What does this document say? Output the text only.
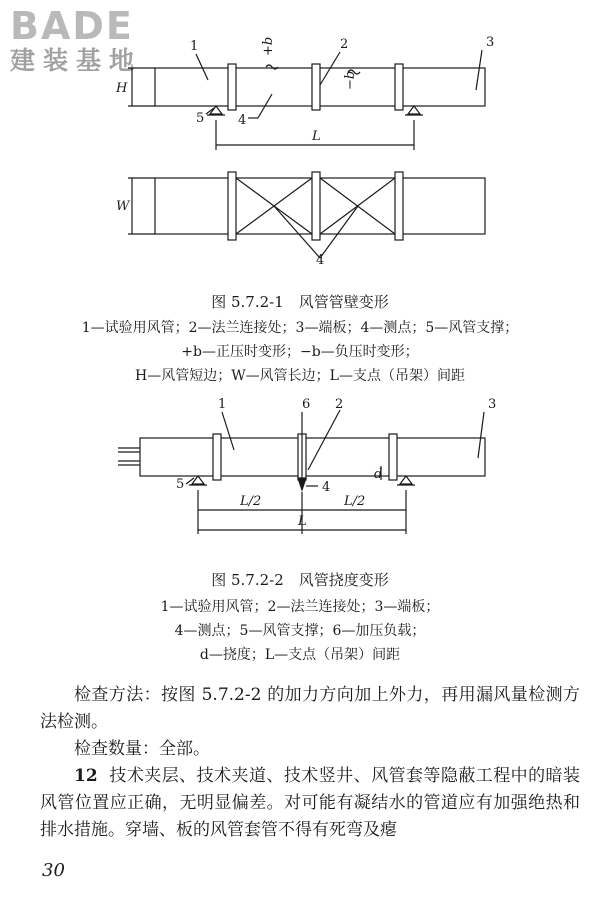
BADE
建装基地	1	2	3
4
5
4
+b
−b
H
L
W
图 5.7.2-1　风管管壁变形
1—试验用风管；2—法兰连接处；3—端板；4—测点；5—风管支撑；
+b—正压时变形；−b—负压时变形；
H—风管短边；W—风管长边；L—支点（吊架）间距
1	6 2	3
5	4
d
L/2	L/2
L
图 5.7.2-2　风管挠度变形
1—试验用风管；2—法兰连接处；3—端板；
4—测点；5—风管支撑；6—加压负载；
d—挠度；L—支点（吊架）间距
检查方法：按图 5.7.2-2 的加力方向加上外力，再用漏风量检测方法检测。
检查数量：全部。
12 技术夹层、技术夹道、技术竖井、风管套等隐蔽工程中的暗装风管位置应正确，无明显偏差。对可能有凝结水的管道应有加强绝热和排水措施。穿墙、板的风管套管不得有死弯及瘪
30
